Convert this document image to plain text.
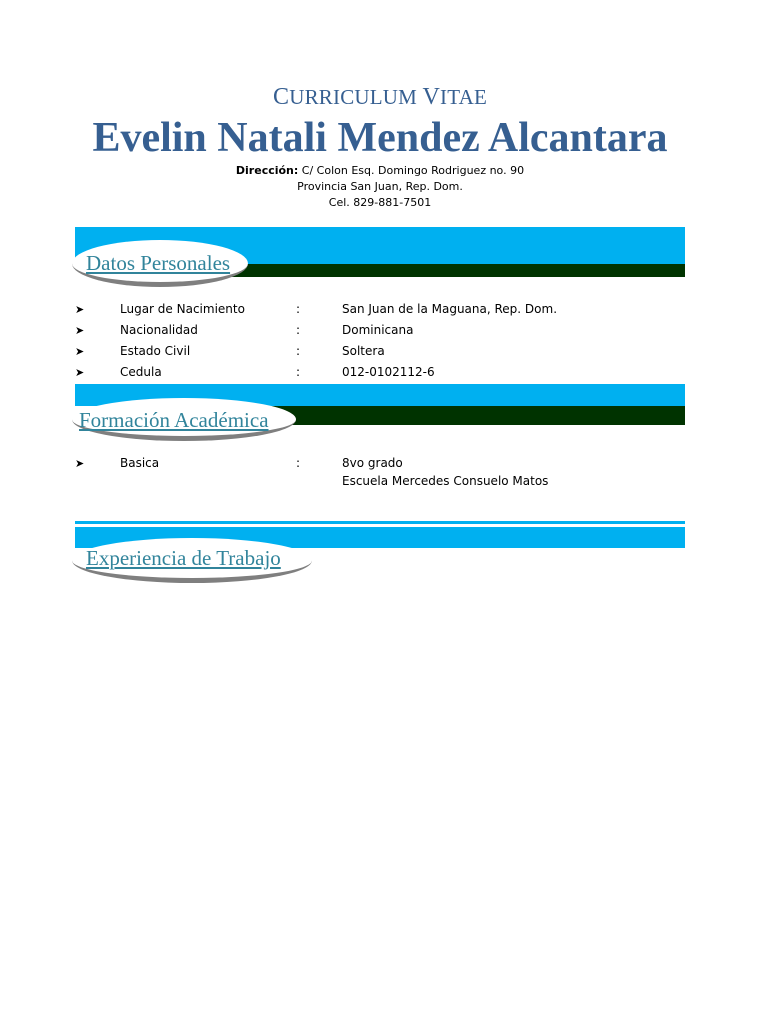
CURRICULUM VITAE
Evelin Natali Mendez Alcantara
Dirección: C/ Colon Esq. Domingo Rodriguez no. 90
Provincia San Juan, Rep. Dom.
Cel. 829-881-7501
Datos Personales
➤	Lugar de Nacimiento	:	San Juan de la Maguana, Rep. Dom.
➤	Nacionalidad	:	Dominicana
➤	Estado Civil	:	Soltera
➤	Cedula	:	012-0102112-6
Formación Académica
➤	Basica	:	8vo grado
Escuela Mercedes Consuelo Matos
Experiencia de Trabajo
